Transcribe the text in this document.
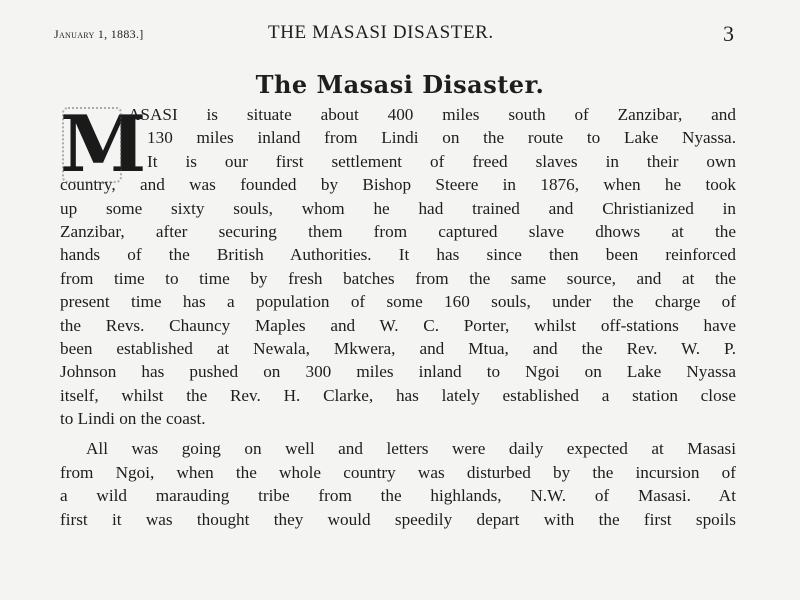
January 1, 1883.]	THE MASASI DISASTER.	3
The Masasi Disaster.
M
ASASI is situate about 400 miles south of Zanzibar, and
130 miles inland from Lindi on the route to Lake Nyassa.
It is our first settlement of freed slaves in their own
country, and was founded by Bishop Steere in 1876, when he took
up some sixty souls, whom he had trained and Christianized in
Zanzibar, after securing them from captured slave dhows at the
hands of the British Authorities. It has since then been reinforced
from time to time by fresh batches from the same source, and at the
present time has a population of some 160 souls, under the charge of
the Revs. Chauncy Maples and W. C. Porter, whilst off-stations have
been established at Newala, Mkwera, and Mtua, and the Rev. W. P.
Johnson has pushed on 300 miles inland to Ngoi on Lake Nyassa
itself, whilst the Rev. H. Clarke, has lately established a station close
to Lindi on the coast.
All was going on well and letters were daily expected at Masasi
from Ngoi, when the whole country was disturbed by the incursion of
a wild marauding tribe from the highlands, N.W. of Masasi. At
first it was thought they would speedily depart with the first spoils
